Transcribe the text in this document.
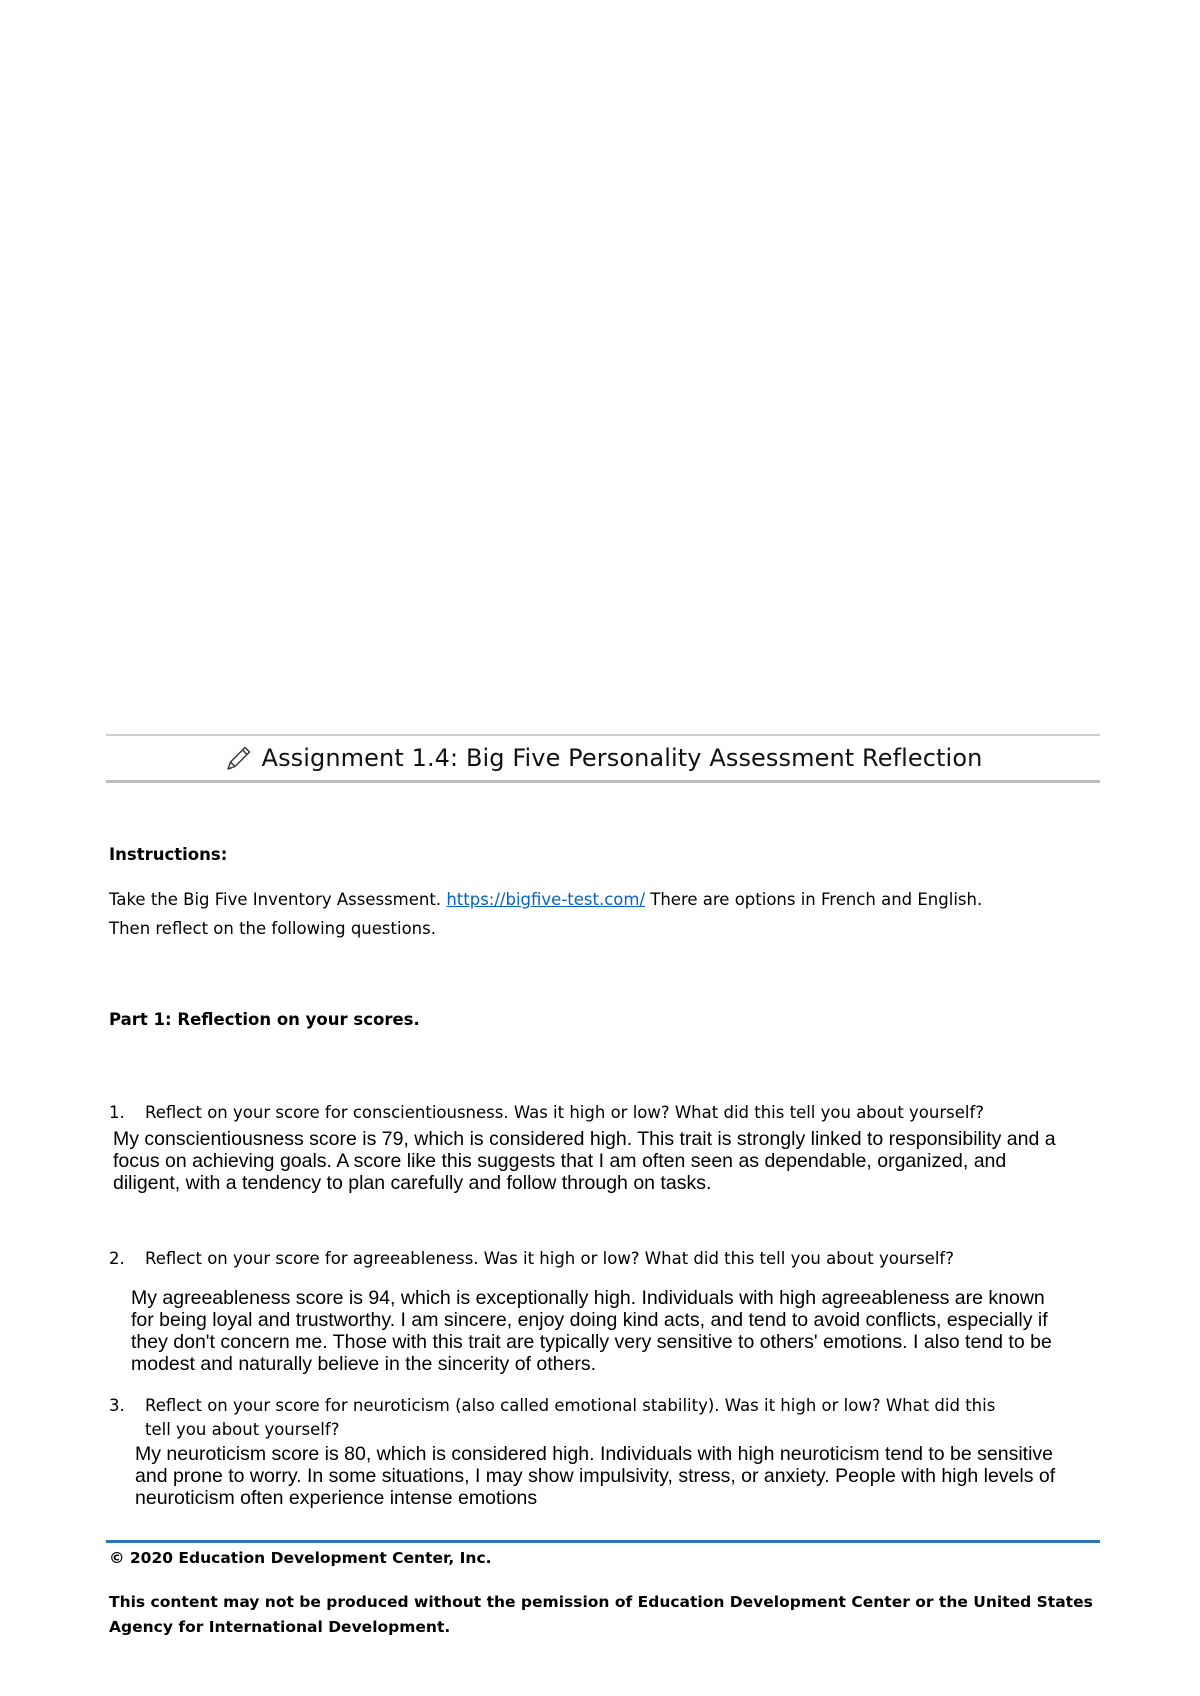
Assignment 1.4: Big Five Personality Assessment Reflection
Instructions:
Take the Big Five Inventory Assessment. https://bigfive-test.com/ There are options in French and English.
Then reflect on the following questions.
Part 1: Reflection on your scores.
1. Reflect on your score for conscientiousness. Was it high or low? What did this tell you about yourself?
My conscientiousness score is 79, which is considered high. This trait is strongly linked to responsibility and a
focus on achieving goals. A score like this suggests that I am often seen as dependable, organized, and
diligent, with a tendency to plan carefully and follow through on tasks.
2. Reflect on your score for agreeableness. Was it high or low? What did this tell you about yourself?
My agreeableness score is 94, which is exceptionally high. Individuals with high agreeableness are known
for being loyal and trustworthy. I am sincere, enjoy doing kind acts, and tend to avoid conflicts, especially if
they don't concern me. Those with this trait are typically very sensitive to others' emotions. I also tend to be
modest and naturally believe in the sincerity of others.
3. Reflect on your score for neuroticism (also called emotional stability). Was it high or low? What did this
tell you about yourself?
My neuroticism score is 80, which is considered high. Individuals with high neuroticism tend to be sensitive
and prone to worry. In some situations, I may show impulsivity, stress, or anxiety. People with high levels of
neuroticism often experience intense emotions
© 2020 Education Development Center, Inc.
This content may not be produced without the pemission of Education Development Center or the United States
Agency for International Development.
